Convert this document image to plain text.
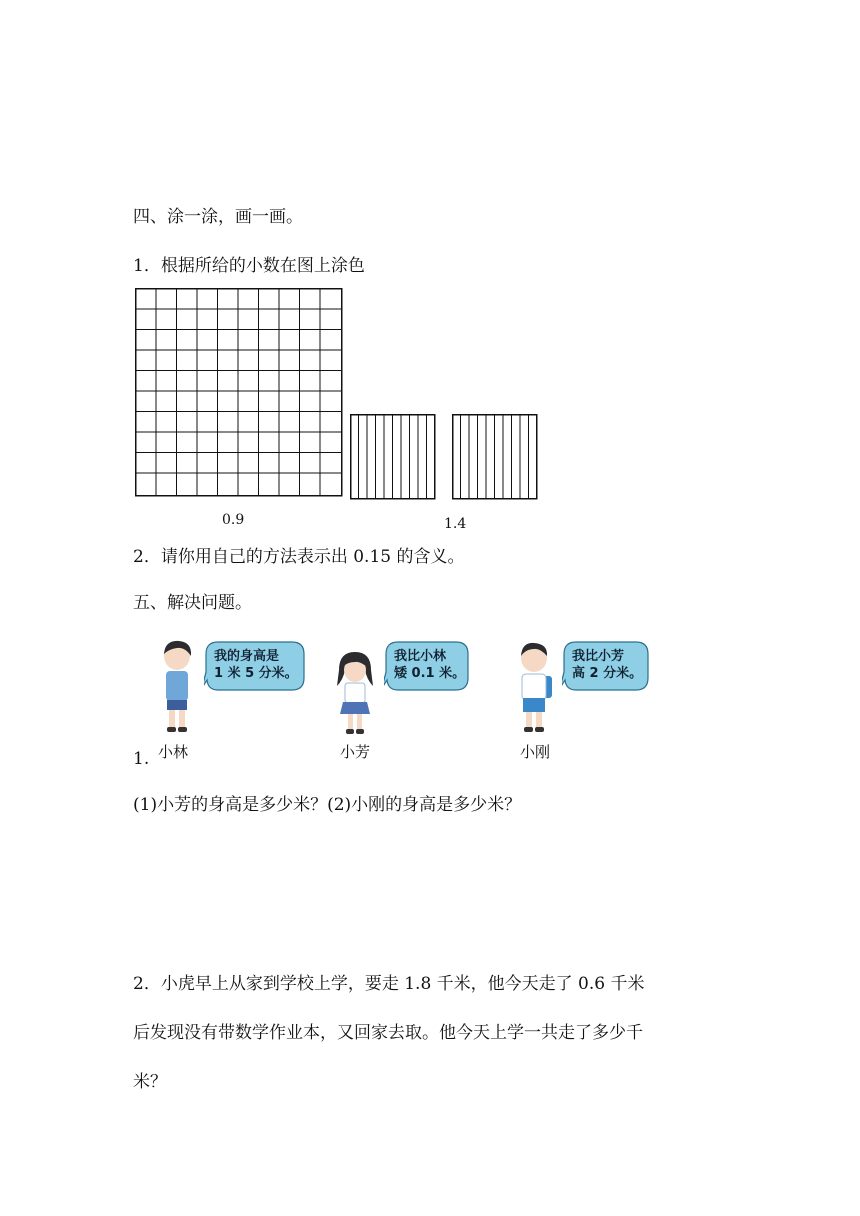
四、涂一涂，画一画。
1．根据所给的小数在图上涂色
0.9	1.4
2．请你用自己的方法表示出 0.15 的含义。
五、解决问题。
我的身高是
1 米 5 分米。
小林
我比小林
矮 0.1 米。
小芳
我比小芳
高 2 分米。
小刚
1.
(1)小芳的身高是多少米？(2)小刚的身高是多少米？
2．小虎早上从家到学校上学，要走 1.8 千米，他今天走了 0.6 千米
后发现没有带数学作业本，又回家去取。他今天上学一共走了多少千
米？
